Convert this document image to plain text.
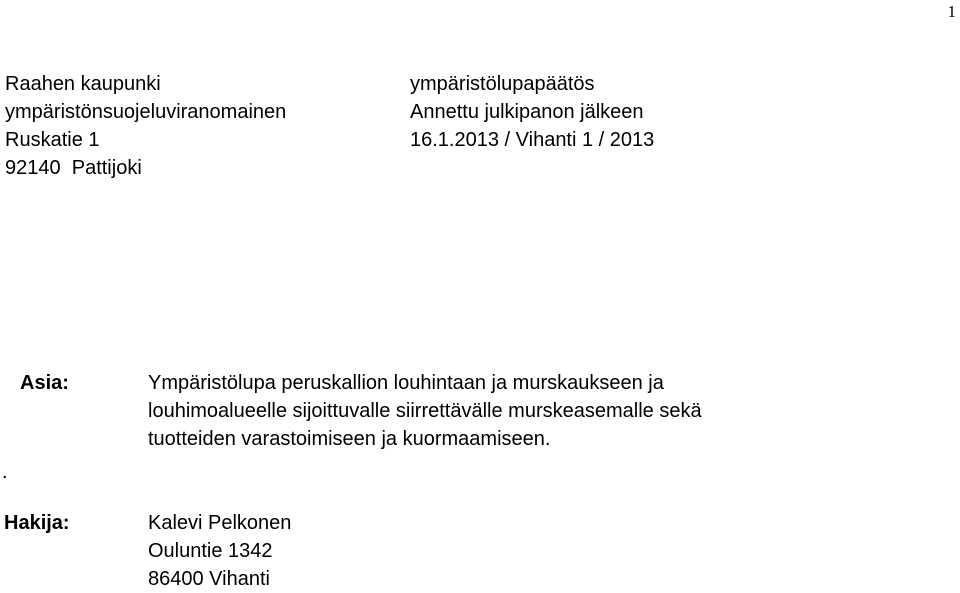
1
Raahen kaupunki
ympäristönsuojeluviranomainen
Ruskatie 1
92140  Pattijoki
ympäristölupapäätös
Annettu julkipanon jälkeen
16.1.2013 / Vihanti 1 / 2013
Asia:	Ympäristölupa peruskallion louhintaan ja murskaukseen ja
louhimoalueelle sijoittuvalle siirrettävälle murskeasemalle sekä
tuotteiden varastoimiseen ja kuormaamiseen.
.
Hakija:	Kalevi Pelkonen
Ouluntie 1342
86400 Vihanti
